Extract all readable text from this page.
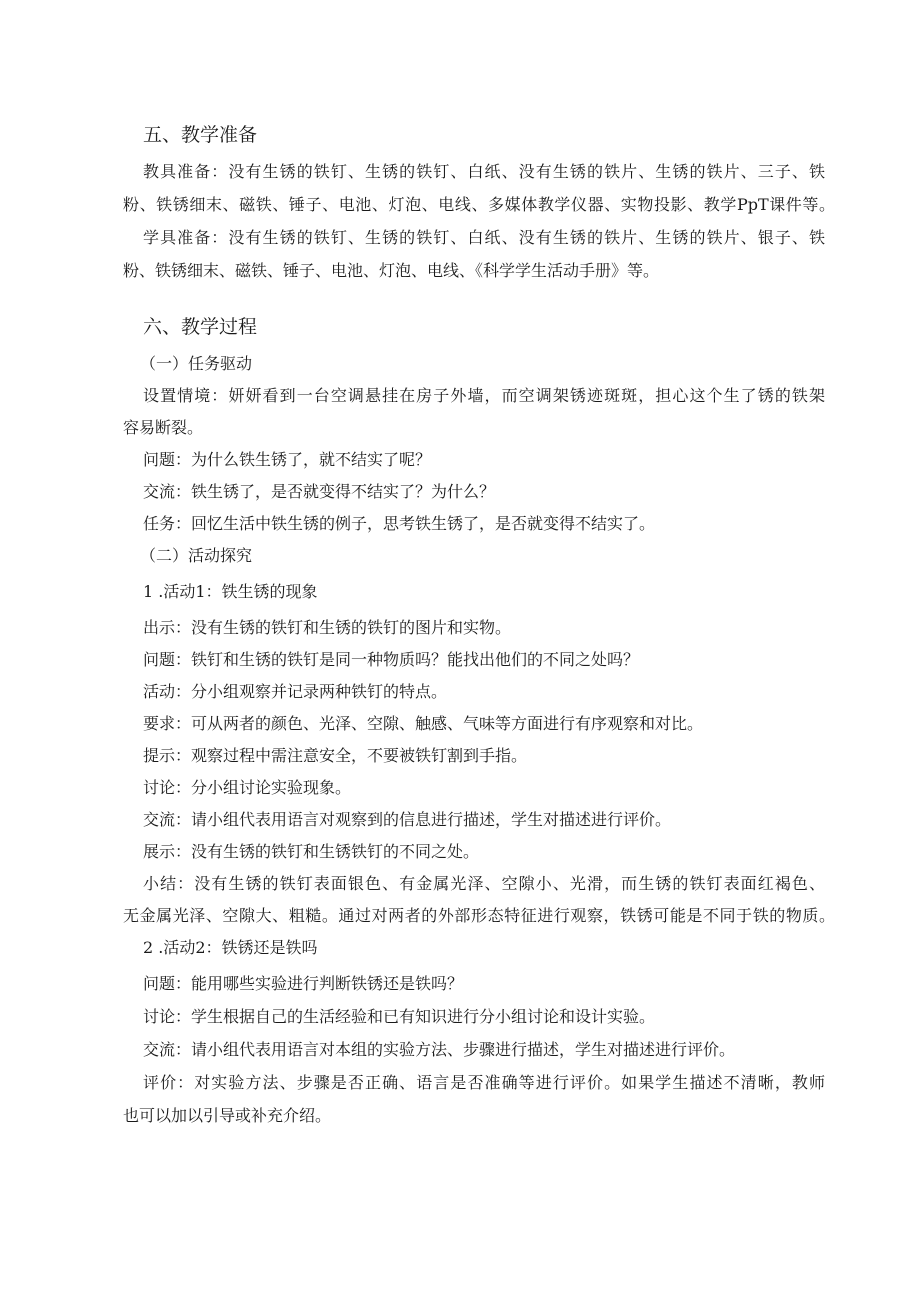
五、教学准备
教具准备：没有生锈的铁钉、生锈的铁钉、白纸、没有生锈的铁片、生锈的铁片、三子、铁
粉、铁锈细末、磁铁、锤子、电池、灯泡、电线、多媒体教学仪器、实物投影、教学PpT课件等。
学具准备：没有生锈的铁钉、生锈的铁钉、白纸、没有生锈的铁片、生锈的铁片、银子、铁
粉、铁锈细末、磁铁、锤子、电池、灯泡、电线、《科学学生活动手册》等。
六、教学过程
（一）任务驱动
设置情境：妍妍看到一台空调悬挂在房子外墙，而空调架锈迹斑斑，担心这个生了锈的铁架
容易断裂。
问题：为什么铁生锈了，就不结实了呢？
交流：铁生锈了，是否就变得不结实了？为什么？
任务：回忆生活中铁生锈的例子，思考铁生锈了，是否就变得不结实了。
（二）活动探究
1 .活动1：铁生锈的现象
出示：没有生锈的铁钉和生锈的铁钉的图片和实物。
问题：铁钉和生锈的铁钉是同一种物质吗？能找出他们的不同之处吗？
活动：分小组观察并记录两种铁钉的特点。
要求：可从两者的颜色、光泽、空隙、触感、气味等方面进行有序观察和对比。
提示：观察过程中需注意安全，不要被铁钉割到手指。
讨论：分小组讨论实验现象。
交流：请小组代表用语言对观察到的信息进行描述，学生对描述进行评价。
展示：没有生锈的铁钉和生锈铁钉的不同之处。
小结：没有生锈的铁钉表面银色、有金属光泽、空隙小、光滑，而生锈的铁钉表面红褐色、
无金属光泽、空隙大、粗糙。通过对两者的外部形态特征进行观察，铁锈可能是不同于铁的物质。
2 .活动2：铁锈还是铁吗
问题：能用哪些实验进行判断铁锈还是铁吗？
讨论：学生根据自己的生活经验和已有知识进行分小组讨论和设计实验。
交流：请小组代表用语言对本组的实验方法、步骤进行描述，学生对描述进行评价。
评价：对实验方法、步骤是否正确、语言是否准确等进行评价。如果学生描述不清晰，教师
也可以加以引导或补充介绍。
